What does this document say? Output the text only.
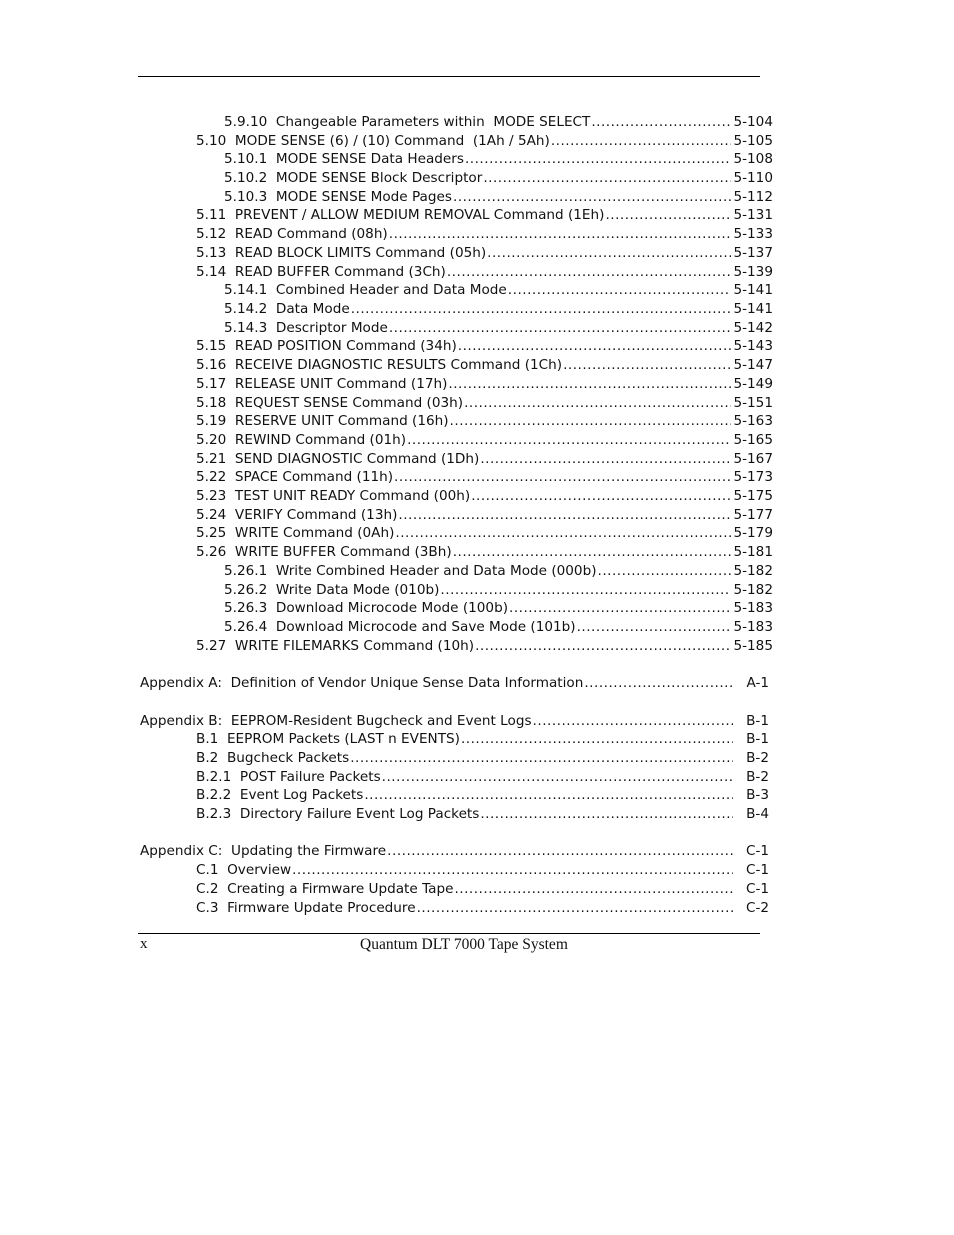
5.9.10  Changeable Parameters within  MODE SELECT .....	5-104
5.10  MODE SENSE (6) / (10) Command  (1Ah / 5Ah) .....	5-105
5.10.1  MODE SENSE Data Headers .....	5-108
5.10.2  MODE SENSE Block Descriptor .....	5-110
5.10.3  MODE SENSE Mode Pages .....	5-112
5.11  PREVENT / ALLOW MEDIUM REMOVAL Command (1Eh) .....	5-131
5.12  READ Command (08h) .....	5-133
5.13  READ BLOCK LIMITS Command (05h) .....	5-137
5.14  READ BUFFER Command (3Ch) .....	5-139
5.14.1  Combined Header and Data Mode .....	5-141
5.14.2  Data Mode .....	5-141
5.14.3  Descriptor Mode .....	5-142
5.15  READ POSITION Command (34h) .....	5-143
5.16  RECEIVE DIAGNOSTIC RESULTS Command (1Ch) .....	5-147
5.17  RELEASE UNIT Command (17h) .....	5-149
5.18  REQUEST SENSE Command (03h) .....	5-151
5.19  RESERVE UNIT Command (16h) .....	5-163
5.20  REWIND Command (01h) .....	5-165
5.21  SEND DIAGNOSTIC Command (1Dh) .....	5-167
5.22  SPACE Command (11h) .....	5-173
5.23  TEST UNIT READY Command (00h) .....	5-175
5.24  VERIFY Command (13h) .....	5-177
5.25  WRITE Command (0Ah) .....	5-179
5.26  WRITE BUFFER Command (3Bh) .....	5-181
5.26.1  Write Combined Header and Data Mode (000b) .....	5-182
5.26.2  Write Data Mode (010b) .....	5-182
5.26.3  Download Microcode Mode (100b) .....	5-183
5.26.4  Download Microcode and Save Mode (101b) .....	5-183
5.27  WRITE FILEMARKS Command (10h) .....	5-185
Appendix A:  Definition of Vendor Unique Sense Data Information .....	A-1
Appendix B:  EEPROM-Resident Bugcheck and Event Logs .....	B-1
B.1  EEPROM Packets (LAST n EVENTS) .....	B-1
B.2  Bugcheck Packets .....	B-2
B.2.1  POST Failure Packets .....	B-2
B.2.2  Event Log Packets .....	B-3
B.2.3  Directory Failure Event Log Packets .....	B-4
Appendix C:  Updating the Firmware .....	C-1
C.1  Overview .....	C-1
C.2  Creating a Firmware Update Tape .....	C-1
C.3  Firmware Update Procedure .....	C-2
x	Quantum DLT 7000 Tape System
